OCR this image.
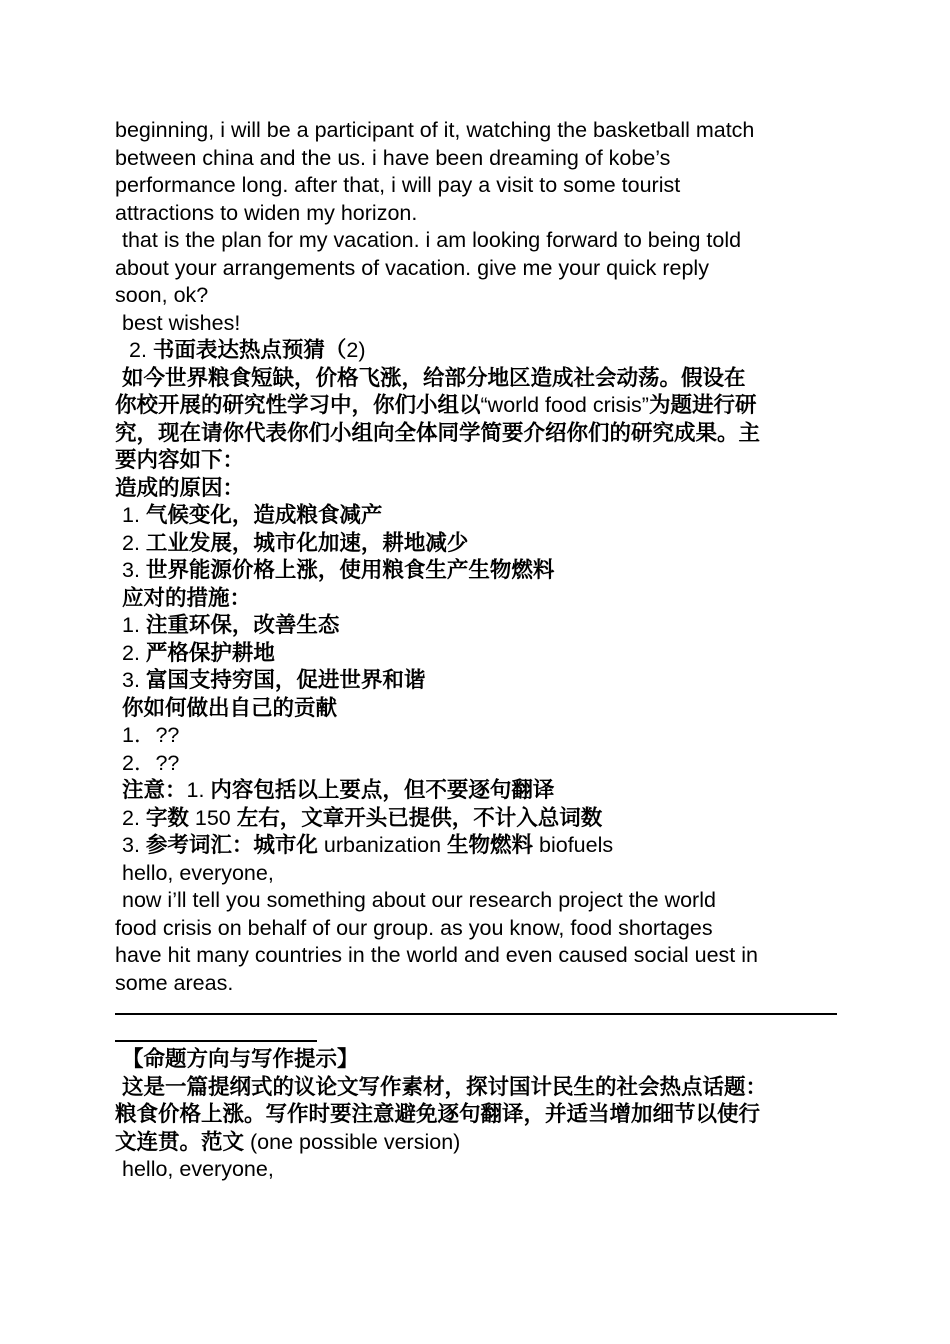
beginning, i will be a participant of it, watching the basketball match
between china and the us. i have been dreaming of kobe’s
performance long. after that, i will pay a visit to some tourist
attractions to widen my horizon.
that is the plan for my vacation. i am looking forward to being told
about your arrangements of vacation. give me your quick reply
soon, ok?
best wishes!
2. 书面表达热点预猜（2)
如今世界粮食短缺，价格飞涨，给部分地区造成社会动荡。假设在
你校开展的研究性学习中，你们小组以“world food crisis”为题进行研
究，现在请你代表你们小组向全体同学简要介绍你们的研究成果。主
要内容如下：
造成的原因：
1. 气候变化，造成粮食减产
2. 工业发展，城市化加速，耕地减少
3. 世界能源价格上涨，使用粮食生产生物燃料
应对的措施：
1. 注重环保，改善生态
2. 严格保护耕地
3. 富国支持穷国，促进世界和谐
你如何做出自己的贡献
1．??
2．??
注意：1. 内容包括以上要点，但不要逐句翻译
2. 字数 150 左右，文章开头已提供，不计入总词数
3. 参考词汇：城市化 urbanization 生物燃料 biofuels
hello, everyone,
now i’ll tell you something about our research project the world
food crisis on behalf of our group. as you know, food shortages
have hit many countries in the world and even caused social uest in
some areas.
【命题方向与写作提示】
这是一篇提纲式的议论文写作素材，探讨国计民生的社会热点话题：
粮食价格上涨。写作时要注意避免逐句翻译，并适当增加细节以使行
文连贯。范文 (one possible version)
hello, everyone,
